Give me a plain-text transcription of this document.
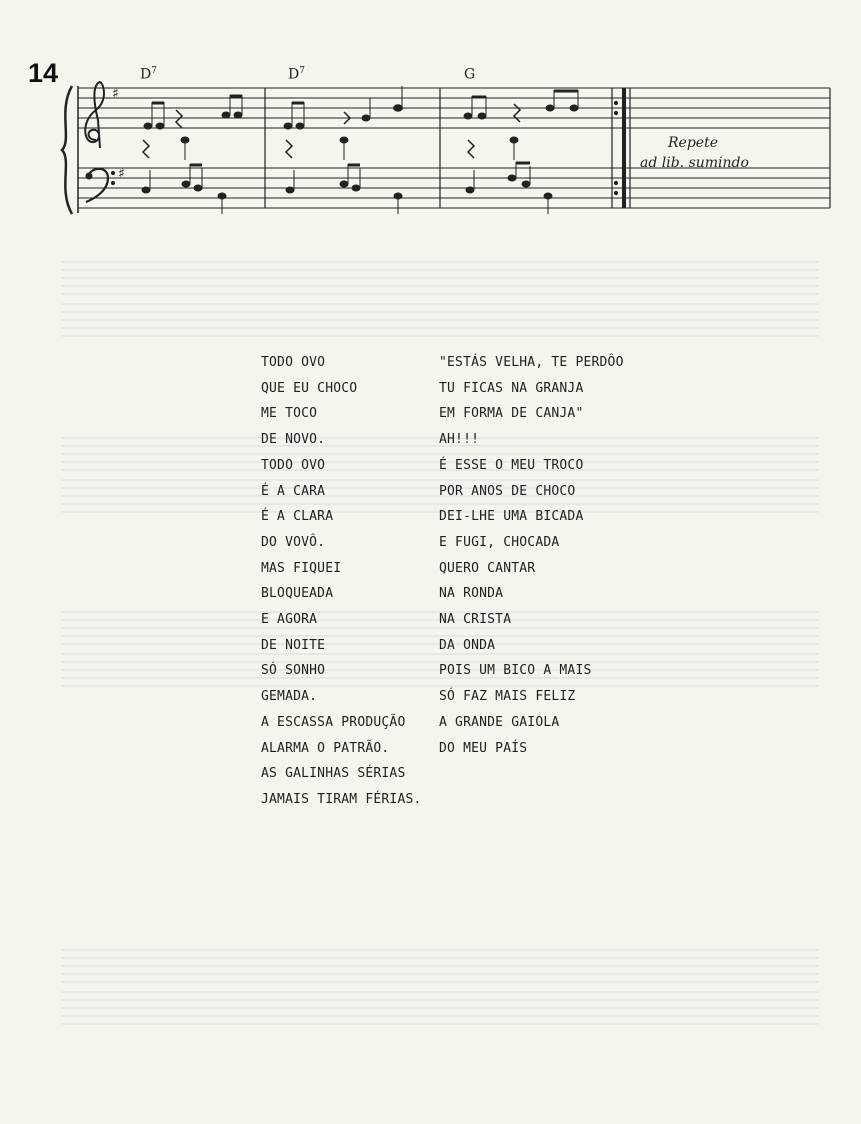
14	$D^7$	$D^7$	G
♯
♯
Repete
ad lib. sumindo
TODO OVO
QUE EU CHOCO
ME TOCO
DE NOVO.
TODO OVO
É A CARA
É A CLARA
DO VOVÔ.
MAS FIQUEI
BLOQUEADA
E AGORA
DE NOITE
SÓ SONHO
GEMADA.
A ESCASSA PRODUÇÃO
ALARMA O PATRÃO.
AS GALINHAS SÉRIAS
JAMAIS TIRAM FÉRIAS.
"ESTÁS VELHA, TE PERDÔO
TU FICAS NA GRANJA
EM FORMA DE CANJA"
AH!!!
É ESSE O MEU TROCO
POR ANOS DE CHOCO
DEI-LHE UMA BICADA
E FUGI, CHOCADA
QUERO CANTAR
NA RONDA
NA CRISTA
DA ONDA
POIS UM BICO A MAIS
SÓ FAZ MAIS FELIZ
A GRANDE GAIOLA
DO MEU PAÍS
